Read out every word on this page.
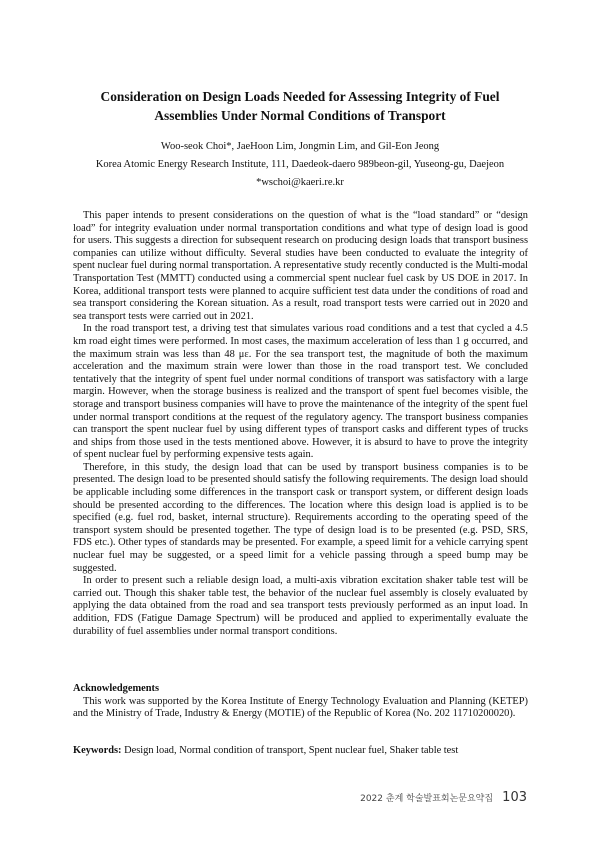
Consideration on Design Loads Needed for Assessing Integrity of Fuel
Assemblies Under Normal Conditions of Transport
Woo-seok Choi*, JaeHoon Lim, Jongmin Lim, and Gil-Eon Jeong
Korea Atomic Energy Research Institute, 111, Daedeok-daero 989beon-gil, Yuseong-gu, Daejeon
*wschoi@kaeri.re.kr

This paper intends to present considerations on the question of what is the “load standard” or “design load” for integrity evaluation under normal transportation conditions and what type of design load is good for users. This suggests a direction for subsequent research on producing design loads that transport business companies can utilize without difficulty. Several studies have been conducted to evaluate the integrity of spent nuclear fuel during normal transportation. A representative study recently conducted is the Multi-modal Transportation Test (MMTT) conducted using a commercial spent nuclear fuel cask by US DOE in 2017. In Korea, additional transport tests were planned to acquire sufficient test data under the conditions of road and sea transport considering the Korean situation. As a result, road transport tests were carried out in 2020 and sea transport tests were carried out in 2021.

In the road transport test, a driving test that simulates various road conditions and a test that cycled a 4.5 km road eight times were performed. In most cases, the maximum acceleration of less than 1 g occurred, and the maximum strain was less than 48 με. For the sea transport test, the magnitude of both the maximum acceleration and the maximum strain were lower than those in the road transport test. We concluded tentatively that the integrity of spent fuel under normal conditions of transport was satisfactory with a large margin. However, when the storage business is realized and the transport of spent fuel becomes visible, the storage and transport business companies will have to prove the maintenance of the integrity of the spent fuel under normal transport conditions at the request of the regulatory agency. The transport business companies can transport the spent nuclear fuel by using different types of transport casks and different types of trucks and ships from those used in the tests mentioned above. However, it is absurd to have to prove the integrity of spent nuclear fuel by performing expensive tests again.

Therefore, in this study, the design load that can be used by transport business companies is to be presented. The design load to be presented should satisfy the following requirements. The design load should be applicable including some differences in the transport cask or transport system, or different design loads should be presented according to the differences. The location where this design load is applied is to be specified (e.g. fuel rod, basket, internal structure). Requirements according to the operating speed of the transport system should be presented together. The type of design load is to be presented (e.g. PSD, SRS, FDS etc.). Other types of standards may be presented. For example, a speed limit for a vehicle carrying spent nuclear fuel may be suggested, or a speed limit for a vehicle passing through a speed bump may be suggested.

In order to present such a reliable design load, a multi-axis vibration excitation shaker table test will be carried out. Though this shaker table test, the behavior of the nuclear fuel assembly is closely evaluated by applying the data obtained from the road and sea transport tests previously performed as an input load. In addition, FDS (Fatigue Damage Spectrum) will be produced and applied to experimentally evaluate the durability of fuel assemblies under normal transport conditions.

Acknowledgements

This work was supported by the Korea Institute of Energy Technology Evaluation and Planning (KETEP) and the Ministry of Trade, Industry & Energy (MOTIE) of the Republic of Korea (No. 202 11710200020).

Keywords: Design load, Normal condition of transport, Spent nuclear fuel, Shaker table test
2022 춘계 학술발표회논문요약집 103
